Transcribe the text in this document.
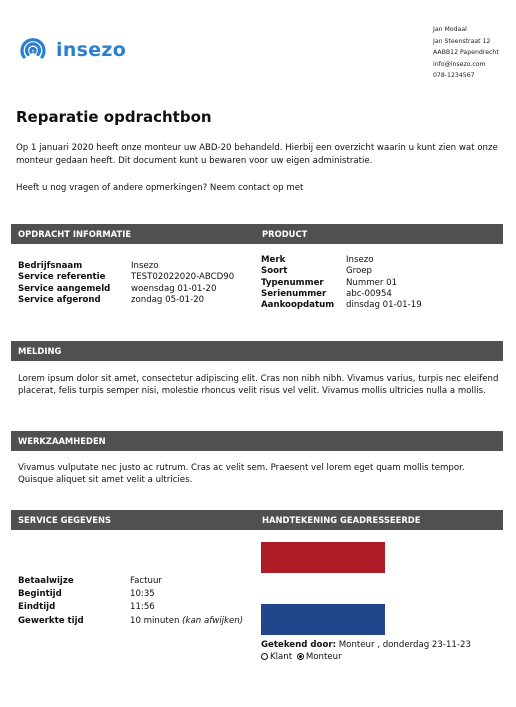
insezo
Jan Modaal
Jan Steenstraat 12
AABB12 Papendrecht
info@insezo.com
078-1234567
Reparatie opdrachtbon
Op 1 januari 2020 heeft onze monteur uw ABD-20 behandeld. Hierbij een overzicht waarin u kunt zien wat onze monteur gedaan heeft. Dit document kunt u bewaren voor uw eigen administratie.
Heeft u nog vragen of andere opmerkingen? Neem contact op met
OPDRACHT INFORMATIE	PRODUCT
Bedrijfsnaam	Insezo
Service referentie	TEST02022020-ABCD90
Service aangemeld	woensdag 01-01-20
Service afgerond	zondag 05-01-20
Merk	Insezo
Soort	Groep
Typenummer	Nummer 01
Serienummer	abc-00954
Aankoopdatum	dinsdag 01-01-19
MELDING
Lorem ipsum dolor sit amet, consectetur adipiscing elit. Cras non nibh nibh. Vivamus varius, turpis nec eleifend placerat, felis turpis semper nisi, molestie rhoncus velit risus vel velit. Vivamus mollis ultricies nulla a mollis.
WERKZAAMHEDEN
Vivamus vulputate nec justo ac rutrum. Cras ac velit sem. Praesent vel lorem eget quam mollis tempor. Quisque aliquet sit amet velit a ultricies.
SERVICE GEGEVENS	HANDTEKENING GEADRESSEERDE
Betaalwijze	Factuur
Begintijd	10:35
Eindtijd	11:56
Gewerkte tijd	10 minuten
(kan afwijken)
Getekend door: Monteur , donderdag 23-11-23
Klant Monteur
